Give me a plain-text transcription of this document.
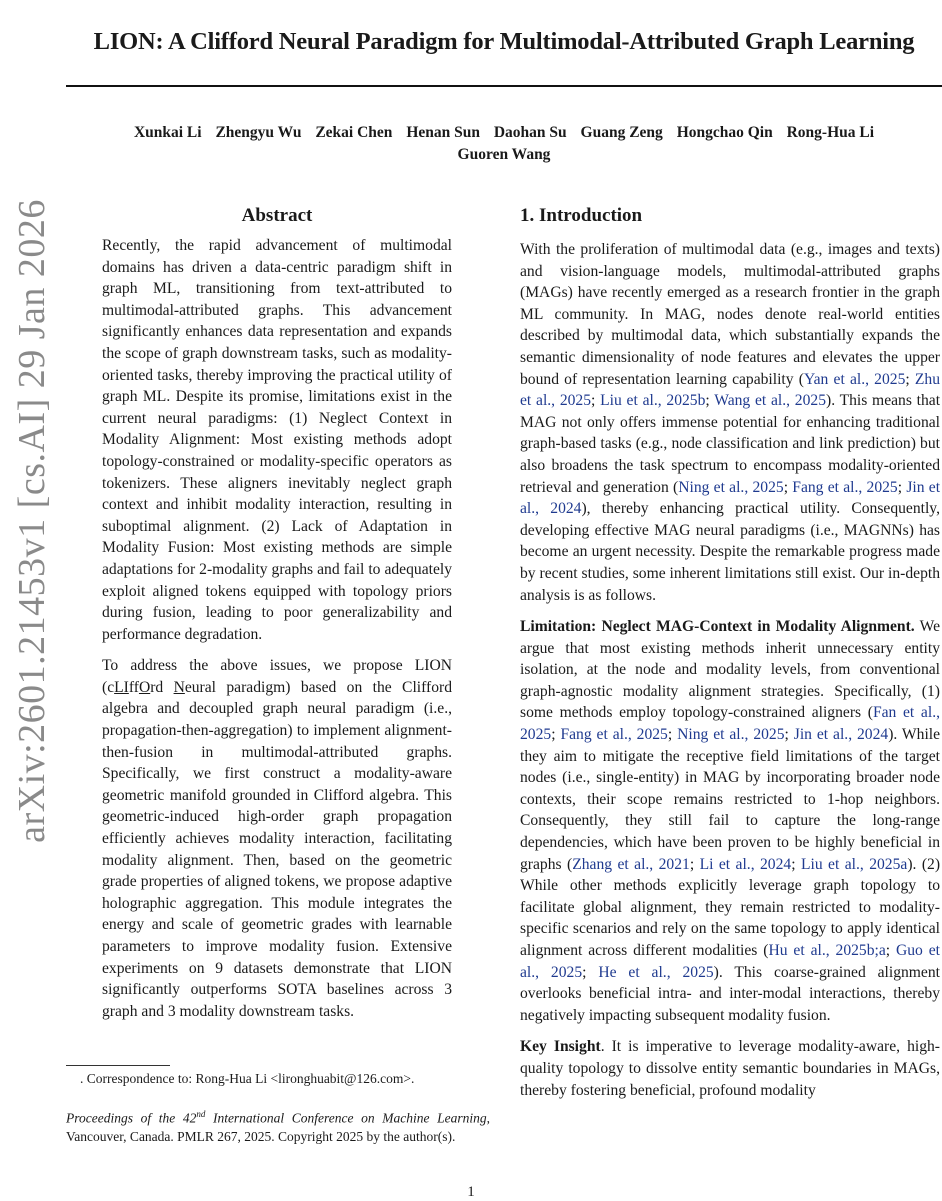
arXiv:2601.21453v1 [cs.AI] 29 Jan 2026
LION: A Clifford Neural Paradigm for Multimodal-Attributed Graph Learning
Xunkai Li Zhengyu Wu Zekai Chen Henan Sun Daohan Su Guang Zeng Hongchao Qin Rong-Hua Li
Guoren Wang
Abstract

Recently, the rapid advancement of multimodal domains has driven a data-centric paradigm shift in graph ML, transitioning from text-attributed to multimodal-attributed graphs. This advancement significantly enhances data representation and expands the scope of graph downstream tasks, such as modality-oriented tasks, thereby improving the practical utility of graph ML. Despite its promise, limitations exist in the current neural paradigms: (1) Neglect Context in Modality Alignment: Most existing methods adopt topology-constrained or modality-specific operators as tokenizers. These aligners inevitably neglect graph context and inhibit modality interaction, resulting in suboptimal alignment. (2) Lack of Adaptation in Modality Fusion: Most existing methods are simple adaptations for 2-modality graphs and fail to adequately exploit aligned tokens equipped with topology priors during fusion, leading to poor generalizability and performance degradation.

To address the above issues, we propose LION (cLIffOrd Neural paradigm) based on the Clifford algebra and decoupled graph neural paradigm (i.e., propagation-then-aggregation) to implement alignment-then-fusion in multimodal-attributed graphs. Specifically, we first construct a modality-aware geometric manifold grounded in Clifford algebra. This geometric-induced high-order graph propagation efficiently achieves modality interaction, facilitating modality alignment. Then, based on the geometric grade properties of aligned tokens, we propose adaptive holographic aggregation. This module integrates the energy and scale of geometric grades with learnable parameters to improve modality fusion. Extensive experiments on 9 datasets demonstrate that LION significantly outperforms SOTA baselines across 3 graph and 3 modality downstream tasks.

. Correspondence to: Rong-Hua Li <lironghuabit@126.com>.
Proceedings of the 42nd International Conference on Machine Learning, Vancouver, Canada. PMLR 267, 2025. Copyright 2025 by the author(s).
1. Introduction

With the proliferation of multimodal data (e.g., images and texts) and vision-language models, multimodal-attributed graphs (MAGs) have recently emerged as a research frontier in the graph ML community. In MAG, nodes denote real-world entities described by multimodal data, which substantially expands the semantic dimensionality of node features and elevates the upper bound of representation learning capability (Yan et al., 2025; Zhu et al., 2025; Liu et al., 2025b; Wang et al., 2025). This means that MAG not only offers immense potential for enhancing traditional graph-based tasks (e.g., node classification and link prediction) but also broadens the task spectrum to encompass modality-oriented retrieval and generation (Ning et al., 2025; Fang et al., 2025; Jin et al., 2024), thereby enhancing practical utility. Consequently, developing effective MAG neural paradigms (i.e., MAGNNs) has become an urgent necessity. Despite the remarkable progress made by recent studies, some inherent limitations still exist. Our in-depth analysis is as follows.

Limitation: Neglect MAG-Context in Modality Alignment. We argue that most existing methods inherit unnecessary entity isolation, at the node and modality levels, from conventional graph-agnostic modality alignment strategies. Specifically, (1) some methods employ topology-constrained aligners (Fan et al., 2025; Fang et al., 2025; Ning et al., 2025; Jin et al., 2024). While they aim to mitigate the receptive field limitations of the target nodes (i.e., single-entity) in MAG by incorporating broader node contexts, their scope remains restricted to 1-hop neighbors. Consequently, they still fail to capture the long-range dependencies, which have been proven to be highly beneficial in graphs (Zhang et al., 2021; Li et al., 2024; Liu et al., 2025a). (2) While other methods explicitly leverage graph topology to facilitate global alignment, they remain restricted to modality-specific scenarios and rely on the same topology to apply identical alignment across different modalities (Hu et al., 2025b;a; Guo et al., 2025; He et al., 2025). This coarse-grained alignment overlooks beneficial intra- and inter-modal interactions, thereby negatively impacting subsequent modality fusion.

Key Insight. It is imperative to leverage modality-aware, high-quality topology to dissolve entity semantic boundaries in MAGs, thereby fostering beneficial, profound modality

1
